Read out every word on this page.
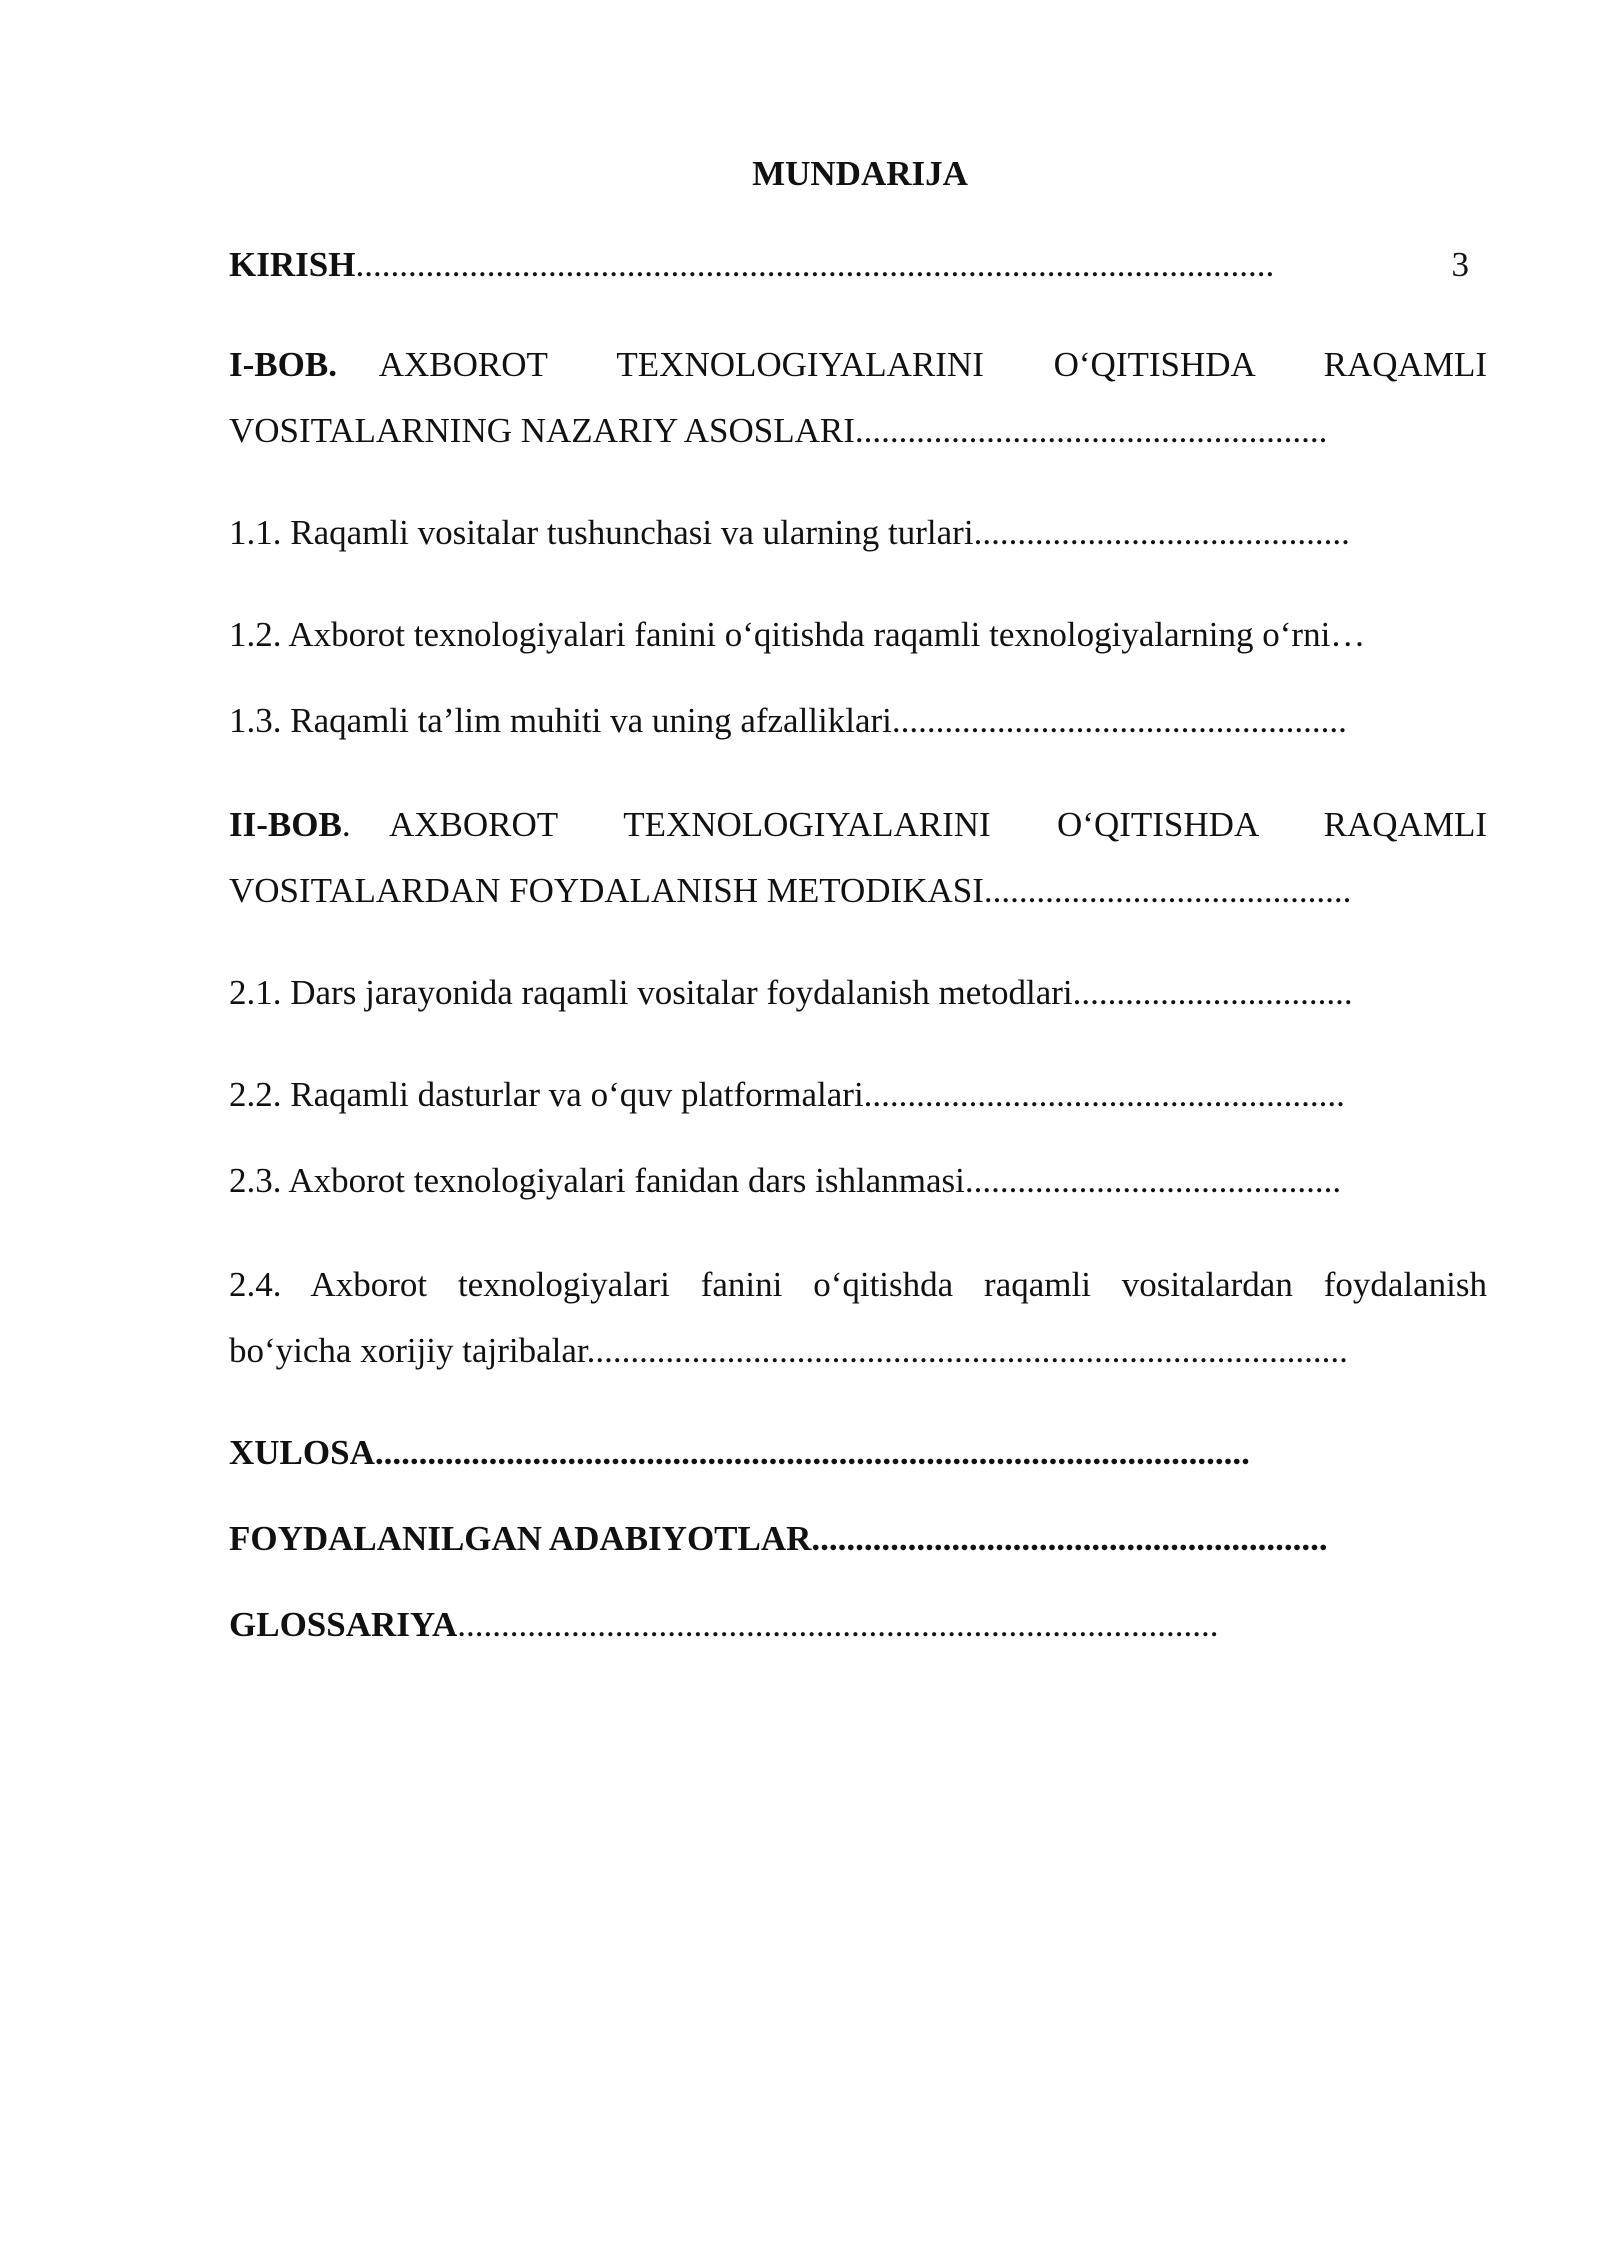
MUNDARIJA
KIRISH.........................................................................................................	3
I-BOB. AXBOROT TEXNOLOGIYALARINI O‘QITISHDA RAQAMLI
VOSITALARNING NAZARIY ASOSLARI......................................................
1.1. Raqamli vositalar tushunchasi va ularning turlari...........................................
1.2. Axborot texnologiyalari fanini o‘qitishda raqamli texnologiyalarning o‘rni…
1.3. Raqamli ta’lim muhiti va uning afzalliklari....................................................
II-BOB. AXBOROT TEXNOLOGIYALARINI O‘QITISHDA RAQAMLI
VOSITALARDAN FOYDALANISH METODIKASI..........................................
2.1. Dars jarayonida raqamli vositalar foydalanish metodlari................................
2.2. Raqamli dasturlar va o‘quv platformalari.......................................................
2.3. Axborot texnologiyalari fanidan dars ishlanmasi...........................................
2.4. Axborot texnologiyalari fanini o‘qitishda raqamli vositalardan foydalanish
bo‘yicha xorijiy tajribalar.......................................................................................
XULOSA....................................................................................................
FOYDALANILGAN ADABIYOTLAR...........................................................
GLOSSARIYA.......................................................................................
